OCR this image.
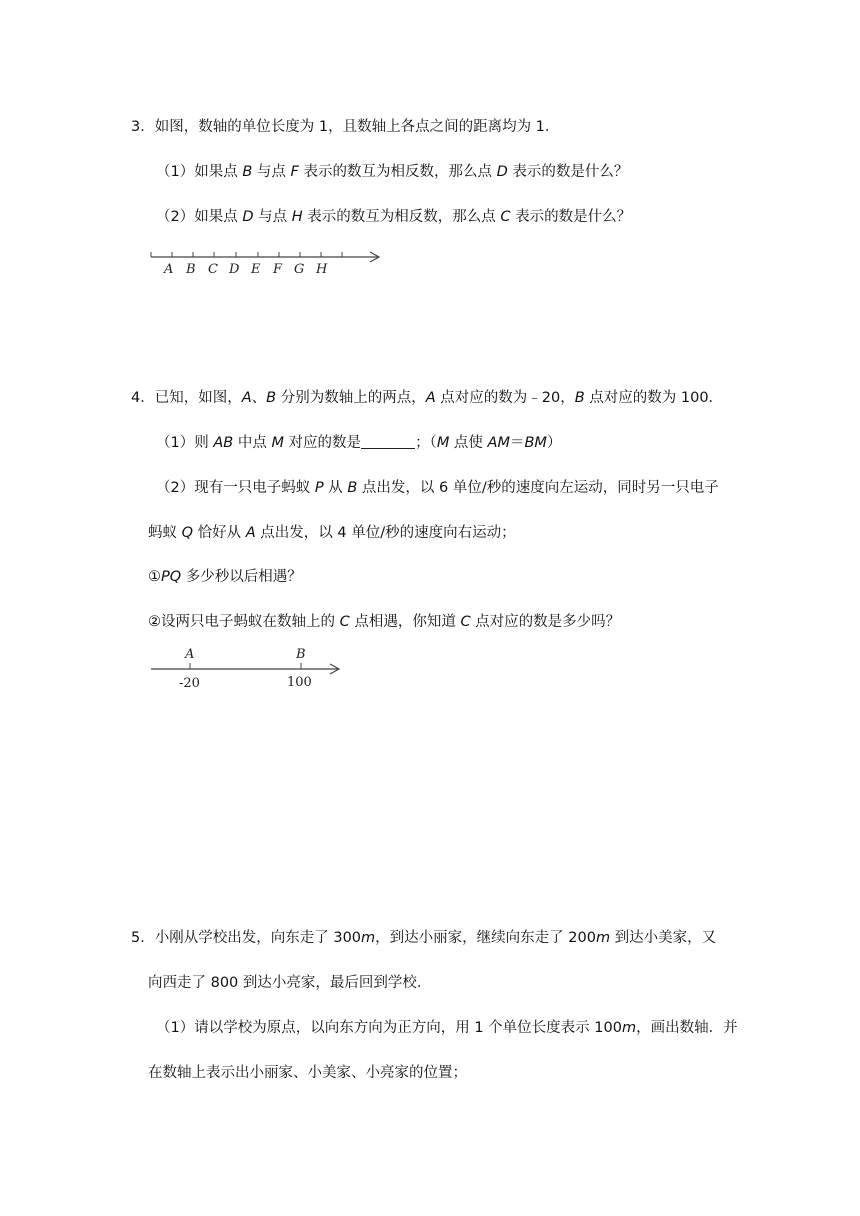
3．如图，数轴的单位长度为 1，且数轴上各点之间的距离均为 1．
（1）如果点 B 与点 F 表示的数互为相反数，那么点 D 表示的数是什么？
（2）如果点 D 与点 H 表示的数互为相反数，那么点 C 表示的数是什么？
A B C D E F G H
4．已知，如图，A、B 分别为数轴上的两点，A 点对应的数为﹣20，B 点对应的数为 100．
（1）则 AB 中点 M 对应的数是	；（M 点使 AM＝BM）
（2）现有一只电子蚂蚁 P 从 B 点出发，以 6 单位/秒的速度向左运动，同时另一只电子
蚂蚁 Q 恰好从 A 点出发，以 4 单位/秒的速度向右运动；
①PQ 多少秒以后相遇？
②设两只电子蚂蚁在数轴上的 C 点相遇，你知道 C 点对应的数是多少吗？
A	B
-20	100
5．小刚从学校出发，向东走了 300m，到达小丽家，继续向东走了 200m 到达小美家，又
向西走了 800 到达小亮家，最后回到学校．
（1）请以学校为原点，以向东方向为正方向，用 1 个单位长度表示 100m，画出数轴．并
在数轴上表示出小丽家、小美家、小亮家的位置；
